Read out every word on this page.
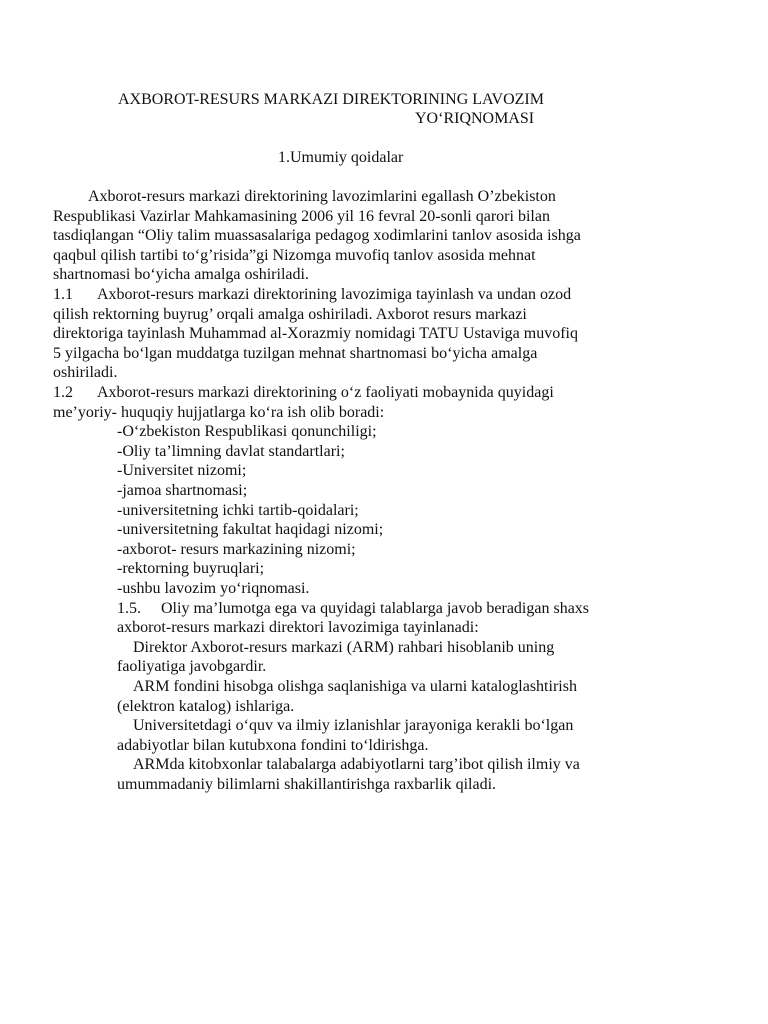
AXBOROT-RESURS MARKAZI DIREKTORINING LAVOZIM
YO‘RIQNOMASI
1.Umumiy qoidalar
Axborot-resurs markazi direktorining lavozimlarini egallash O’zbekiston
Respublikasi Vazirlar Mahkamasining 2006 yil 16 fevral 20-sonli qarori bilan
tasdiqlangan “Oliy talim muassasalariga pedagog xodimlarini tanlov asosida ishga
qaqbul qilish tartibi to‘g’risida”gi Nizomga muvofiq tanlov asosida mehnat
shartnomasi bo‘yicha amalga oshiriladi.
1.1 Axborot-resurs markazi direktorining lavozimiga tayinlash va undan ozod
qilish rektorning buyrug’ orqali amalga oshiriladi. Axborot resurs markazi
direktoriga tayinlash Muhammad al-Xorazmiy nomidagi TATU Ustaviga muvofiq
5 yilgacha bo‘lgan muddatga tuzilgan mehnat shartnomasi bo‘yicha amalga
oshiriladi.
1.2 Axborot-resurs markazi direktorining o‘z faoliyati mobaynida quyidagi
me’yoriy- huquqiy hujjatlarga ko‘ra ish olib boradi:
-O‘zbekiston Respublikasi qonunchiligi;
-Oliy ta’limning davlat standartlari;
-Universitet nizomi;
-jamoa shartnomasi;
-universitetning ichki tartib-qoidalari;
-universitetning fakultat haqidagi nizomi;
-axborot- resurs markazining nizomi;
-rektorning buyruqlari;
-ushbu lavozim yo‘riqnomasi.
1.5. Oliy ma’lumotga ega va quyidagi talablarga javob beradigan shaxs
axborot-resurs markazi direktori lavozimiga tayinlanadi:
Direktor Axborot-resurs markazi (ARM) rahbari hisoblanib uning
faoliyatiga javobgardir.
ARM fondini hisobga olishga saqlanishiga va ularni kataloglashtirish
(elektron katalog) ishlariga.
Universitetdagi o‘quv va ilmiy izlanishlar jarayoniga kerakli bo‘lgan
adabiyotlar bilan kutubxona fondini to‘ldirishga.
ARMda kitobxonlar talabalarga adabiyotlarni targ’ibot qilish ilmiy va
umummadaniy bilimlarni shakillantirishga raxbarlik qiladi.
